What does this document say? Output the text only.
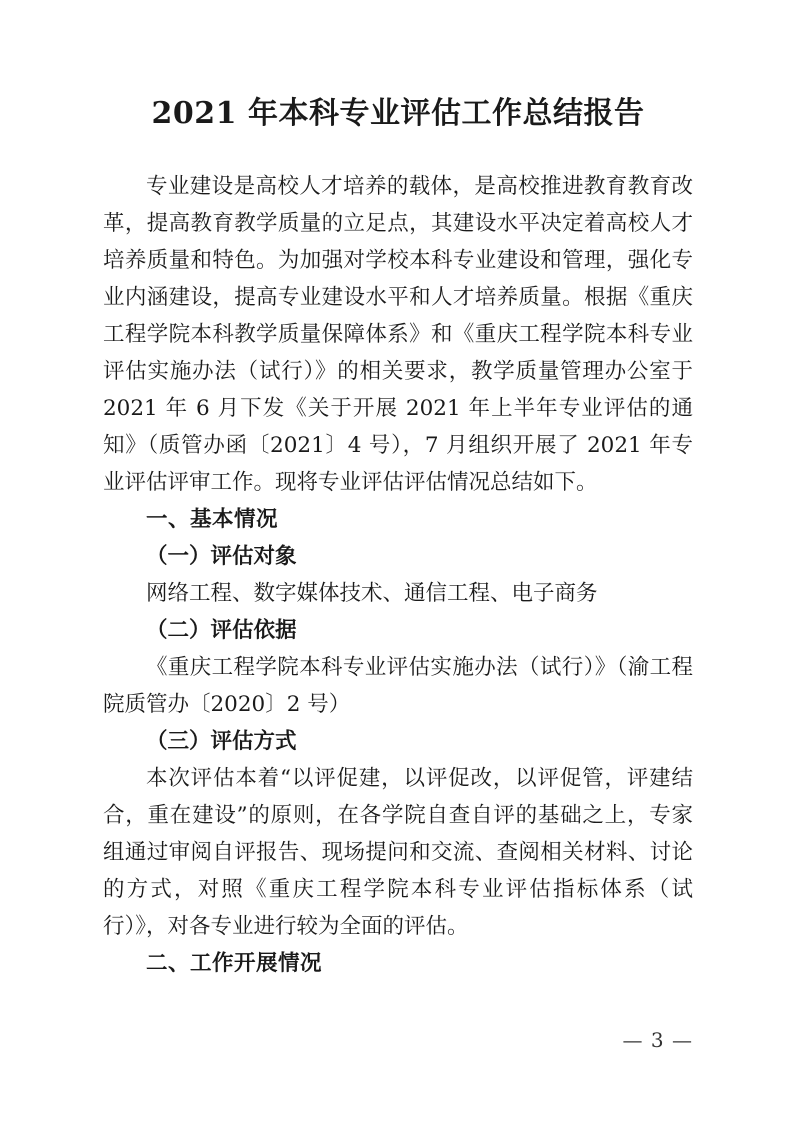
2021 年本科专业评估工作总结报告

专业建设是高校人才培养的载体，是高校推进教育教育改革，提高教育教学质量的立足点，其建设水平决定着高校人才培养质量和特色。为加强对学校本科专业建设和管理，强化专业内涵建设，提高专业建设水平和人才培养质量。根据《重庆工程学院本科教学质量保障体系》和《重庆工程学院本科专业评估实施办法（试行）》的相关要求，教学质量管理办公室于 2021 年 6 月下发《关于开展 2021 年上半年专业评估的通知》（质管办函〔2021〕4 号），7 月组织开展了 2021 年专业评估评审工作。现将专业评估评估情况总结如下。

一、基本情况
（一）评估对象

网络工程、数字媒体技术、通信工程、电子商务

（二）评估依据

《重庆工程学院本科专业评估实施办法（试行）》（渝工程院质管办〔2020〕2 号）

（三）评估方式

本次评估本着“以评促建，以评促改，以评促管，评建结合，重在建设”的原则，在各学院自查自评的基础之上，专家组通过审阅自评报告、现场提问和交流、查阅相关材料、讨论的方式，对照《重庆工程学院本科专业评估指标体系（试行）》，对各专业进行较为全面的评估。

二、工作开展情况
— 3 —
